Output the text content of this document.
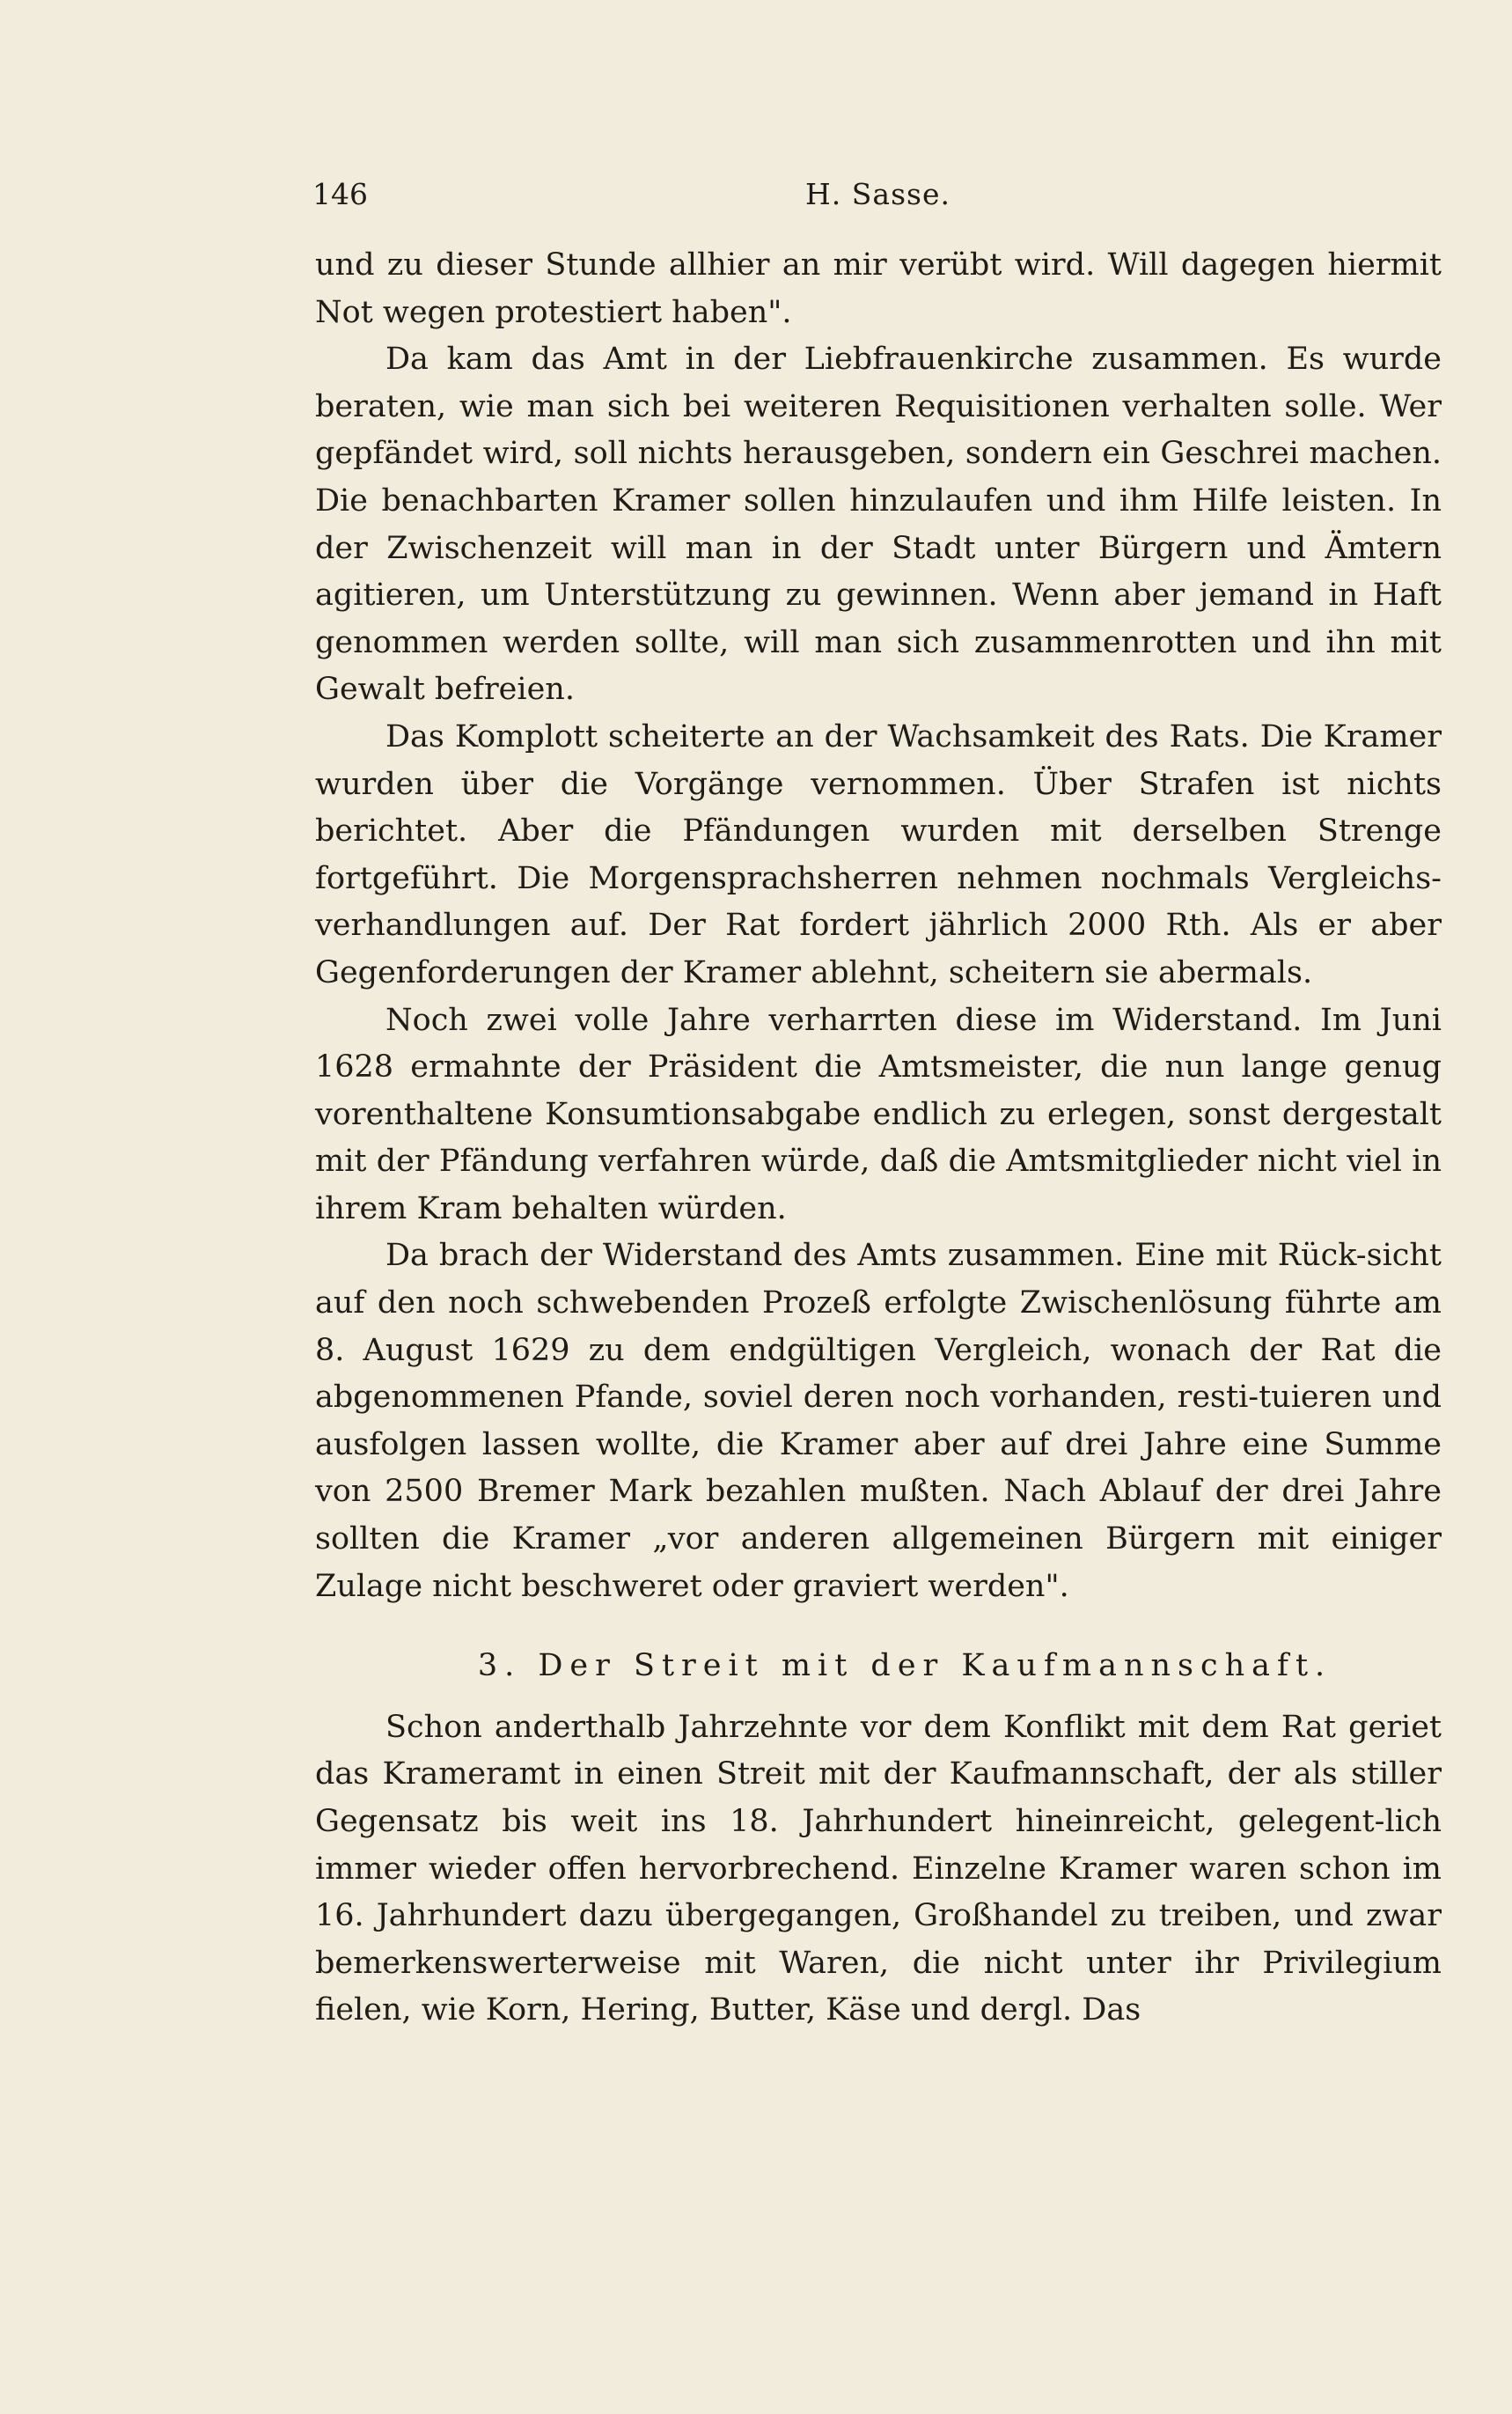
146	H. Sasse.

und zu dieser Stunde allhier an mir verübt wird. Will dagegen hiermit Not wegen protestiert haben".

Da kam das Amt in der Liebfrauenkirche zusammen. Es wurde beraten, wie man sich bei weiteren Requisitionen verhalten solle. Wer gepfändet wird, soll nichts herausgeben, sondern ein Geschrei machen. Die benachbarten Kramer sollen hinzulaufen und ihm Hilfe leisten. In der Zwischenzeit will man in der Stadt unter Bürgern und Ämtern agitieren, um Unterstützung zu gewinnen. Wenn aber jemand in Haft genommen werden sollte, will man sich zusammenrotten und ihn mit Gewalt befreien.

Das Komplott scheiterte an der Wachsamkeit des Rats. Die Kramer wurden über die Vorgänge vernommen. Über Strafen ist nichts berichtet. Aber die Pfändungen wurden mit derselben Strenge fortgeführt. Die Morgensprachsherren nehmen nochmals Vergleichs-verhandlungen auf. Der Rat fordert jährlich 2000 Rth. Als er aber Gegenforderungen der Kramer ablehnt, scheitern sie abermals.

Noch zwei volle Jahre verharrten diese im Widerstand. Im Juni 1628 ermahnte der Präsident die Amtsmeister, die nun lange genug vorenthaltene Konsumtionsabgabe endlich zu erlegen, sonst dergestalt mit der Pfändung verfahren würde, daß die Amtsmitglieder nicht viel in ihrem Kram behalten würden.

Da brach der Widerstand des Amts zusammen. Eine mit Rück-sicht auf den noch schwebenden Prozeß erfolgte Zwischenlösung führte am 8. August 1629 zu dem endgültigen Vergleich, wonach der Rat die abgenommenen Pfande, soviel deren noch vorhanden, resti-tuieren und ausfolgen lassen wollte, die Kramer aber auf drei Jahre eine Summe von 2500 Bremer Mark bezahlen mußten. Nach Ablauf der drei Jahre sollten die Kramer „vor anderen allgemeinen Bürgern mit einiger Zulage nicht beschweret oder graviert werden".

3. Der Streit mit der Kaufmannschaft.

Schon anderthalb Jahrzehnte vor dem Konflikt mit dem Rat geriet das Krameramt in einen Streit mit der Kaufmannschaft, der als stiller Gegensatz bis weit ins 18. Jahrhundert hineinreicht, gelegent-lich immer wieder offen hervorbrechend. Einzelne Kramer waren schon im 16. Jahrhundert dazu übergegangen, Großhandel zu treiben, und zwar bemerkenswerterweise mit Waren, die nicht unter ihr Privilegium fielen, wie Korn, Hering, Butter, Käse und dergl. Das
